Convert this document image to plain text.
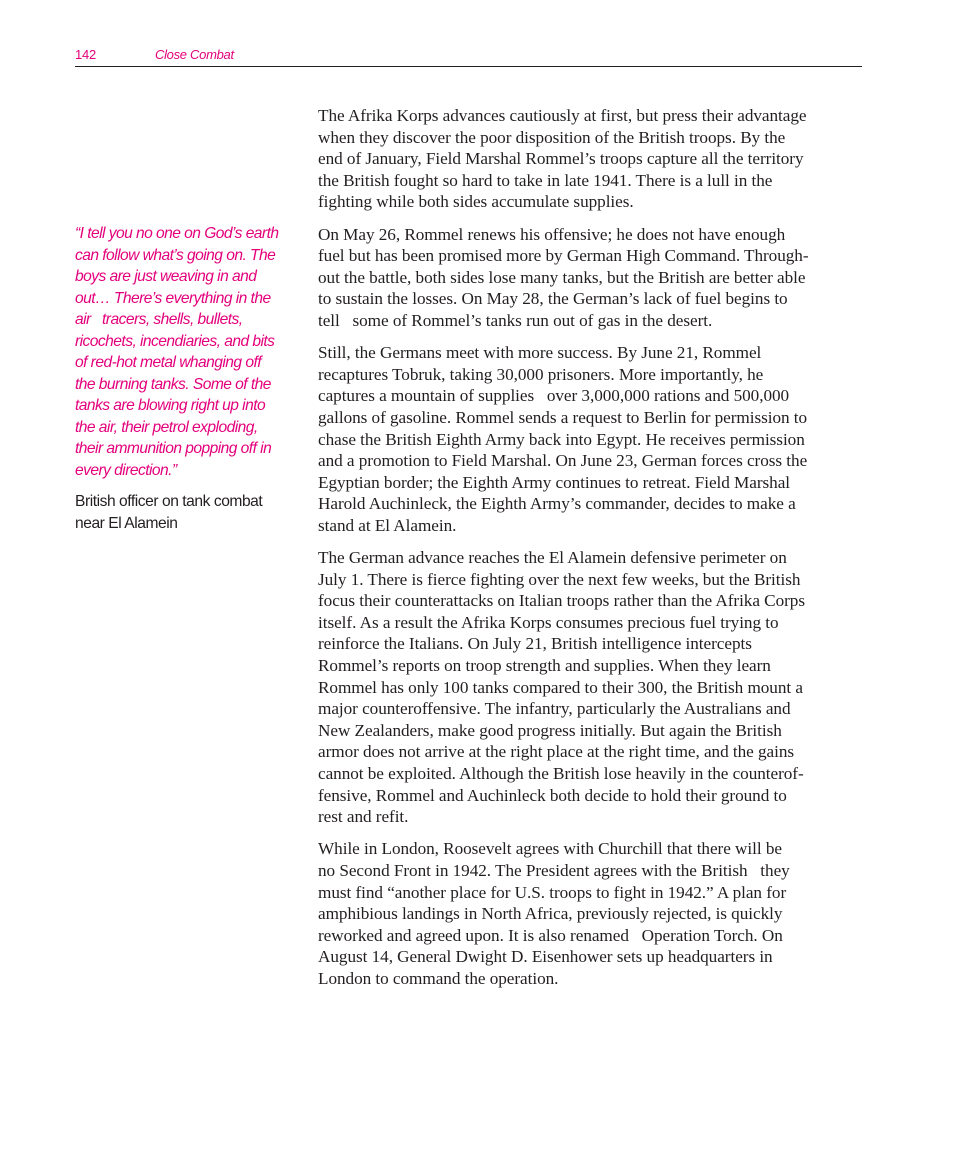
142	Close Combat

“I tell you no one on God’s earth
can follow what’s going on. The
boys are just weaving in and
out… There’s everything in the
air   tracers, shells, bullets,
ricochets, incendiaries, and bits
of red-hot metal whanging off
the burning tanks. Some of the
tanks are blowing right up into
the air, their petrol exploding,
their ammunition popping off in
every direction.”

British officer on tank combat
near El Alamein

The Afrika Korps advances cautiously at first, but press their advantage
when they discover the poor disposition of the British troops. By the
end of January, Field Marshal Rommel’s troops capture all the territory
the British fought so hard to take in late 1941. There is a lull in the
fighting while both sides accumulate supplies.

On May 26, Rommel renews his offensive; he does not have enough
fuel but has been promised more by German High Command. Through-
out the battle, both sides lose many tanks, but the British are better able
to sustain the losses. On May 28, the German’s lack of fuel begins to
tell   some of Rommel’s tanks run out of gas in the desert.

Still, the Germans meet with more success. By June 21, Rommel
recaptures Tobruk, taking 30,000 prisoners. More importantly, he
captures a mountain of supplies   over 3,000,000 rations and 500,000
gallons of gasoline. Rommel sends a request to Berlin for permission to
chase the British Eighth Army back into Egypt. He receives permission
and a promotion to Field Marshal. On June 23, German forces cross the
Egyptian border; the Eighth Army continues to retreat. Field Marshal
Harold Auchinleck, the Eighth Army’s commander, decides to make a
stand at El Alamein.

The German advance reaches the El Alamein defensive perimeter on
July 1. There is fierce fighting over the next few weeks, but the British
focus their counterattacks on Italian troops rather than the Afrika Corps
itself. As a result the Afrika Korps consumes precious fuel trying to
reinforce the Italians. On July 21, British intelligence intercepts
Rommel’s reports on troop strength and supplies. When they learn
Rommel has only 100 tanks compared to their 300, the British mount a
major counteroffensive. The infantry, particularly the Australians and
New Zealanders, make good progress initially. But again the British
armor does not arrive at the right place at the right time, and the gains
cannot be exploited. Although the British lose heavily in the counterof-
fensive, Rommel and Auchinleck both decide to hold their ground to
rest and refit.

While in London, Roosevelt agrees with Churchill that there will be
no Second Front in 1942. The President agrees with the British   they
must find “another place for U.S. troops to fight in 1942.” A plan for
amphibious landings in North Africa, previously rejected, is quickly
reworked and agreed upon. It is also renamed   Operation Torch. On
August 14, General Dwight D. Eisenhower sets up headquarters in
London to command the operation.
